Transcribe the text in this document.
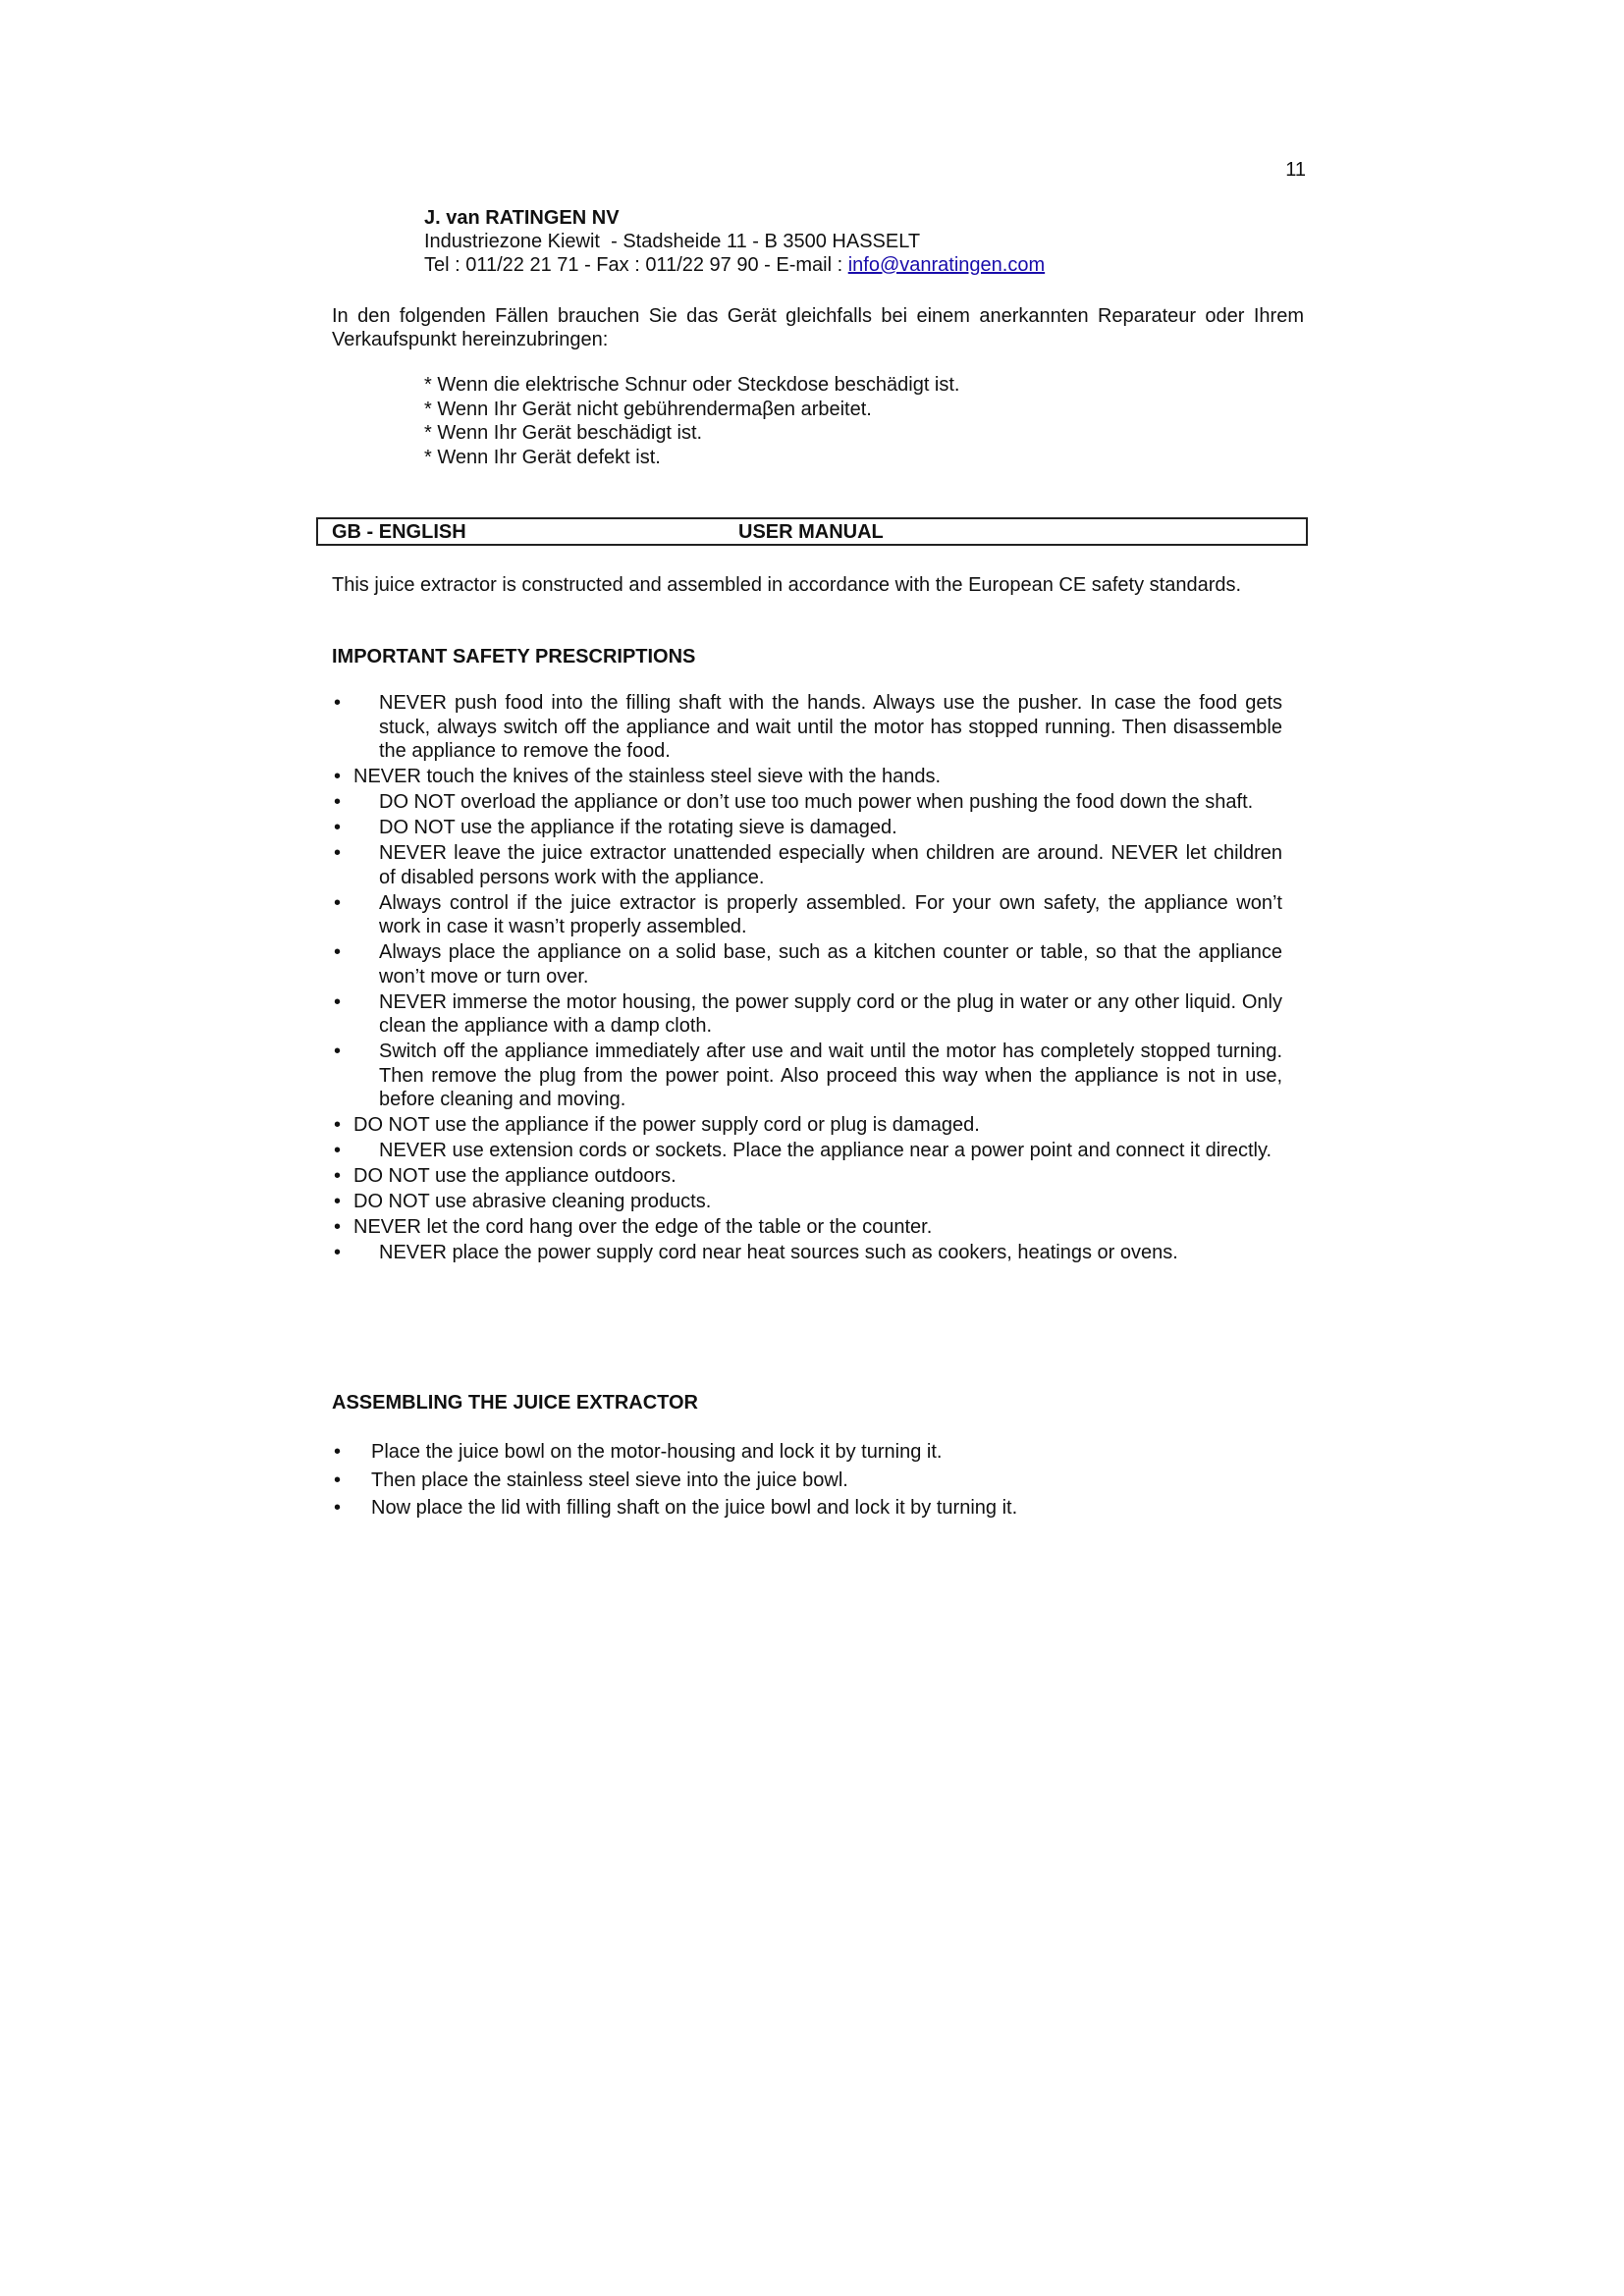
11
J. van RATINGEN NV
Industriezone Kiewit  - Stadsheide 11 - B 3500 HASSELT
Tel : 011/22 21 71 - Fax : 011/22 97 90 - E-mail : info@vanratingen.com
In den folgenden Fällen brauchen Sie das Gerät gleichfalls bei einem anerkannten Reparateur oder Ihrem Verkaufspunkt hereinzubringen:
* Wenn die elektrische Schnur oder Steckdose beschädigt ist.
* Wenn Ihr Gerät nicht gebührendermaβen arbeitet.
* Wenn Ihr Gerät beschädigt ist.
* Wenn Ihr Gerät defekt ist.
GB - ENGLISH	USER MANUAL
This juice extractor is constructed and assembled in accordance with the European CE safety standards.
IMPORTANT SAFETY PRESCRIPTIONS
• NEVER push food into the filling shaft with the hands. Always use the pusher. In case the food gets stuck, always switch off the appliance and wait until the motor has stopped running. Then disassemble the appliance to remove the food.
• NEVER touch the knives of the stainless steel sieve with the hands.
• DO NOT overload the appliance or don’t use too much power when pushing the food down the shaft.
• DO NOT use the appliance if the rotating sieve is damaged.
• NEVER leave the juice extractor unattended especially when children are around. NEVER let children of disabled persons work with the appliance.
• Always control if the juice extractor is properly assembled. For your own safety, the appliance won’t work in case it wasn’t properly assembled.
• Always place the appliance on a solid base, such as a kitchen counter or table, so that the appliance won’t move or turn over.
• NEVER immerse the motor housing, the power supply cord or the plug in water or any other liquid. Only clean the appliance with a damp cloth.
• Switch off the appliance immediately after use and wait until the motor has completely stopped turning. Then remove the plug from the power point. Also proceed this way when the appliance is not in use, before cleaning and moving.
• DO NOT use the appliance if the power supply cord or plug is damaged.
• NEVER use extension cords or sockets. Place the appliance near a power point and connect it directly.
• DO NOT use the appliance outdoors.
• DO NOT use abrasive cleaning products.
• NEVER let the cord hang over the edge of the table or the counter.
• NEVER place the power supply cord near heat sources such as cookers, heatings or ovens.
ASSEMBLING THE JUICE EXTRACTOR
• Place the juice bowl on the motor-housing and lock it by turning it.
• Then place the stainless steel sieve into the juice bowl.
• Now place the lid with filling shaft on the juice bowl and lock it by turning it.
